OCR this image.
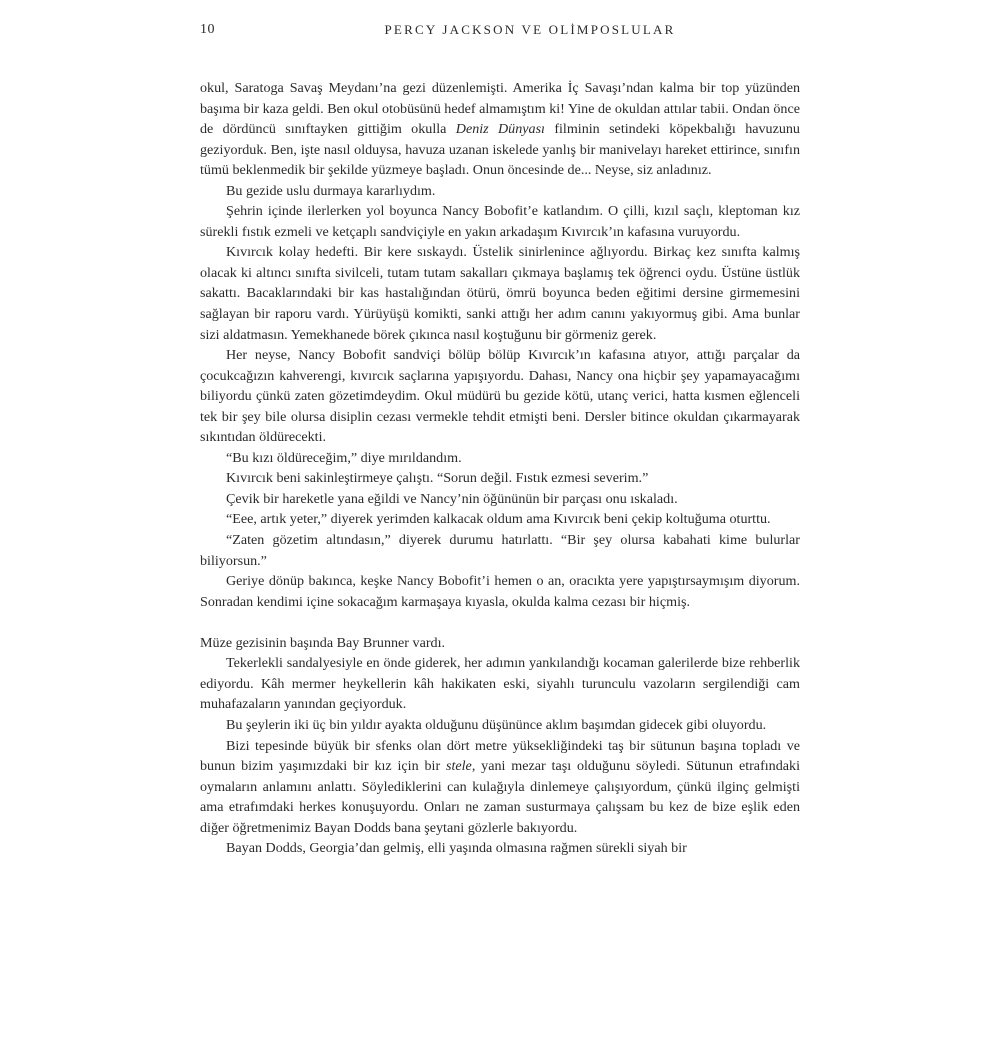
10	PERCY JACKSON VE OLİMPOSLULAR

okul, Saratoga Savaş Meydanı’na gezi düzenlemişti. Amerika İç Savaşı’ndan kalma bir top yüzünden başıma bir kaza geldi. Ben okul otobüsünü hedef almamıştım ki! Yine de okuldan attılar tabii. Ondan önce de dördüncü sınıftayken gittiğim okulla Deniz Dünyası filminin setindeki köpekbalığı havuzunu geziyorduk. Ben, işte nasıl olduysa, havuza uzanan iskelede yanlış bir manivelayı hareket ettirince, sınıfın tümü beklenmedik bir şekilde yüzmeye başladı. Onun öncesinde de... Neyse, siz anladınız.

Bu gezide uslu durmaya kararlıydım.

Şehrin içinde ilerlerken yol boyunca Nancy Bobofit’e katlandım. O çilli, kızıl saçlı, kleptoman kız sürekli fıstık ezmeli ve ketçaplı sandviçiyle en yakın arkadaşım Kıvırcık’ın kafasına vuruyordu.

Kıvırcık kolay hedefti. Bir kere sıskaydı. Üstelik sinirlenince ağlıyordu. Birkaç kez sınıfta kalmış olacak ki altıncı sınıfta sivilceli, tutam tutam sakalları çıkmaya başlamış tek öğrenci oydu. Üstüne üstlük sakattı. Bacaklarındaki bir kas hastalığından ötürü, ömrü boyunca beden eğitimi dersine girmemesini sağlayan bir raporu vardı. Yürüyüşü komikti, sanki attığı her adım canını yakıyormuş gibi. Ama bunlar sizi aldatmasın. Yemekhanede börek çıkınca nasıl koştuğunu bir görmeniz gerek.

Her neyse, Nancy Bobofit sandviçi bölüp bölüp Kıvırcık’ın kafasına atıyor, attığı parçalar da çocukcağızın kahverengi, kıvırcık saçlarına yapışıyordu. Dahası, Nancy ona hiçbir şey yapamayacağımı biliyordu çünkü zaten gözetimdeydim. Okul müdürü bu gezide kötü, utanç verici, hatta kısmen eğlenceli tek bir şey bile olursa disiplin cezası vermekle tehdit etmişti beni. Dersler bitince okuldan çıkarmayarak sıkıntıdan öldürecekti.

“Bu kızı öldüreceğim,” diye mırıldandım.

Kıvırcık beni sakinleştirmeye çalıştı. “Sorun değil. Fıstık ezmesi severim.”

Çevik bir hareketle yana eğildi ve Nancy’nin öğününün bir parçası onu ıskaladı.

“Eee, artık yeter,” diyerek yerimden kalkacak oldum ama Kıvırcık beni çekip koltuğuma oturttu.

“Zaten gözetim altındasın,” diyerek durumu hatırlattı. “Bir şey olursa kabahati kime bulurlar biliyorsun.”

Geriye dönüp bakınca, keşke Nancy Bobofit’i hemen o an, oracıkta yere yapıştırsaymışım diyorum. Sonradan kendimi içine sokacağım karmaşaya kıyasla, okulda kalma cezası bir hiçmiş.

Müze gezisinin başında Bay Brunner vardı.

Tekerlekli sandalyesiyle en önde giderek, her adımın yankılandığı kocaman galerilerde bize rehberlik ediyordu. Kâh mermer heykellerin kâh hakikaten eski, siyahlı turunculu vazoların sergilendiği cam muhafazaların yanından geçiyorduk.

Bu şeylerin iki üç bin yıldır ayakta olduğunu düşününce aklım başımdan gidecek gibi oluyordu.

Bizi tepesinde büyük bir sfenks olan dört metre yüksekliğindeki taş bir sütunun başına topladı ve bunun bizim yaşımızdaki bir kız için bir stele, yani mezar taşı olduğunu söyledi. Sütunun etrafındaki oymaların anlamını anlattı. Söylediklerini can kulağıyla dinlemeye çalışıyordum, çünkü ilginç gelmişti ama etrafımdaki herkes konuşuyordu. Onları ne zaman susturmaya çalışsam bu kez de bize eşlik eden diğer öğretmenimiz Bayan Dodds bana şeytani gözlerle bakıyordu.

Bayan Dodds, Georgia’dan gelmiş, elli yaşında olmasına rağmen sürekli siyah bir
